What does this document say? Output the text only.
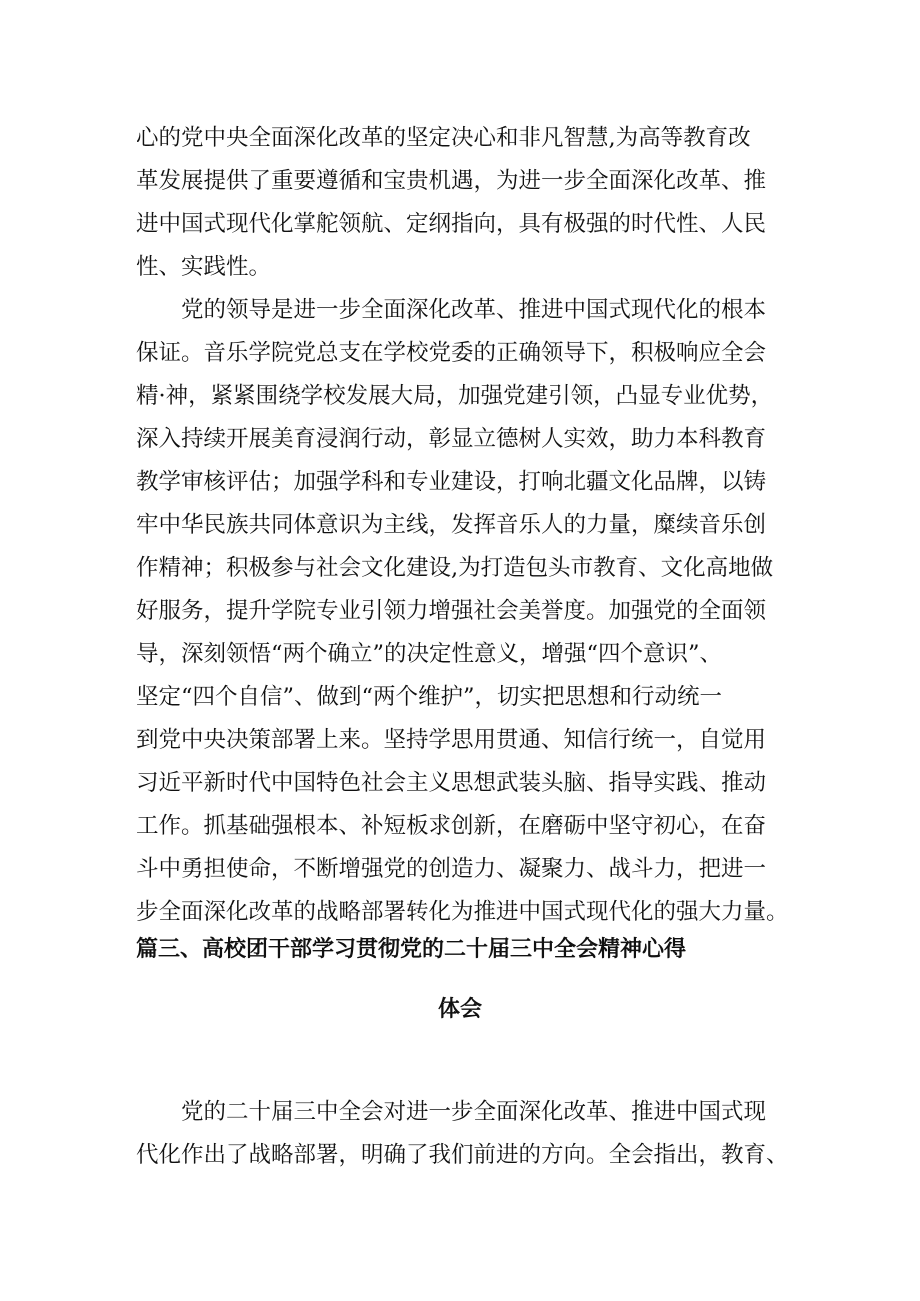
心的党中央全面深化改革的坚定决心和非凡智慧,为高等教育改
革发展提供了重要遵循和宝贵机遇，为进一步全面深化改革、推
进中国式现代化掌舵领航、定纲指向，具有极强的时代性、人民
性、实践性。
党的领导是进一步全面深化改革、推进中国式现代化的根本
保证。音乐学院党总支在学校党委的正确领导下，积极响应全会
精·神，紧紧围绕学校发展大局，加强党建引领，凸显专业优势，
深入持续开展美育浸润行动，彰显立德树人实效，助力本科教育
教学审核评估；加强学科和专业建设，打响北疆文化品牌，以铸
牢中华民族共同体意识为主线，发挥音乐人的力量，糜续音乐创
作精神；积极参与社会文化建设,为打造包头市教育、文化高地做
好服务，提升学院专业引领力增强社会美誉度。加强党的全面领
导，深刻领悟“两个确立”的决定性意义，增强“四个意识”、
坚定“四个自信”、做到“两个维护”，切实把思想和行动统一
到党中央决策部署上来。坚持学思用贯通、知信行统一，自觉用
习近平新时代中国特色社会主义思想武装头脑、指导实践、推动
工作。抓基础强根本、补短板求创新，在磨砺中坚守初心，在奋
斗中勇担使命，不断增强党的创造力、凝聚力、战斗力，把进一
步全面深化改革的战略部署转化为推进中国式现代化的强大力量。
篇三、高校团干部学习贯彻党的二十届三中全会精神心得
体会
党的二十届三中全会对进一步全面深化改革、推进中国式现
代化作出了战略部署，明确了我们前进的方向。全会指出，教育、
